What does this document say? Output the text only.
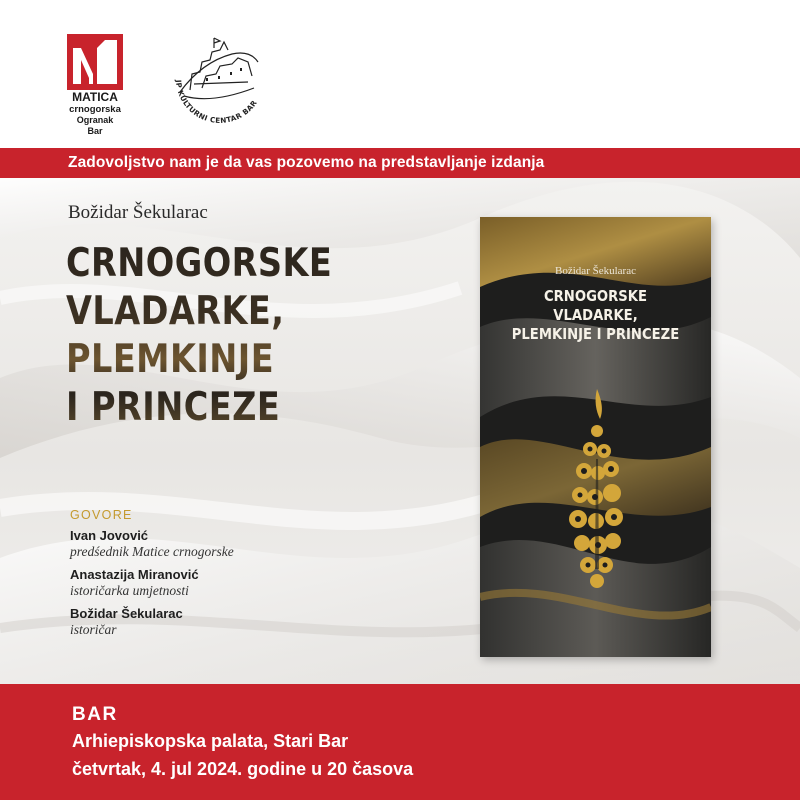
MATICA
crnogorska
Ogranak
Bar
JP KULTURNI CENTAR BAR
Zadovoljstvo nam je da vas pozovemo na predstavljanje izdanja
Božidar Šekularac
CRNOGORSKE
VLADARKE,
PLEMKINJE
I PRINCEZE
GOVORE
Ivan Jovović
predśednik Matice crnogorske
Anastazija Miranović
istoričarka umjetnosti
Božidar Šekularac
istoričar
Božidar Šekularac
CRNOGORSKE
VLADARKE,
PLEMKINJE I PRINCEZE
BAR
Arhiepiskopska palata, Stari Bar
četvrtak, 4. jul 2024. godine u 20 časova
